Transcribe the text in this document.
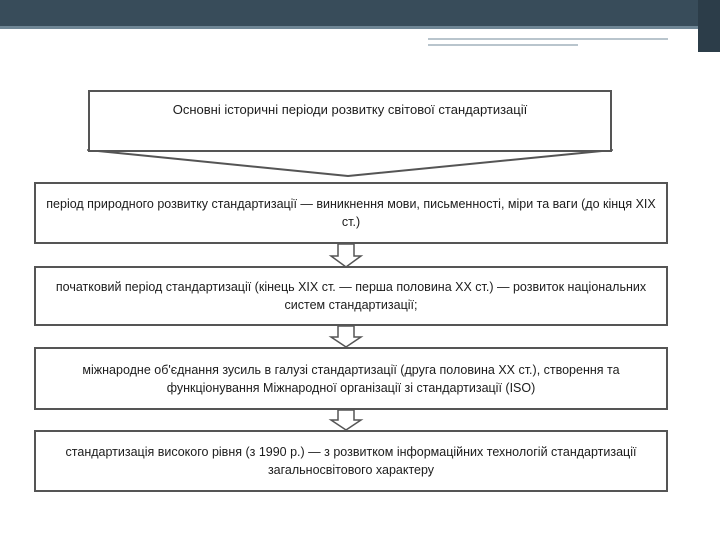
Основні історичні періоди розвитку світової стандартизації
період природного розвитку стандартизації — виникнення мови, письменності, міри та ваги (до кінця XIX ст.)
початковий період стандартизації (кінець XIX ст. — перша половина XX ст.) — розвиток національних систем стандартизації;
міжнародне об'єднання зусиль в галузі стандартизації (друга половина XX ст.), створення та функціонування Міжнародної організації зі стандартизації (ISO)
стандартизація високого рівня (з 1990 р.) — з розвитком інформаційних технологій стандартизації загальносвітового характеру
